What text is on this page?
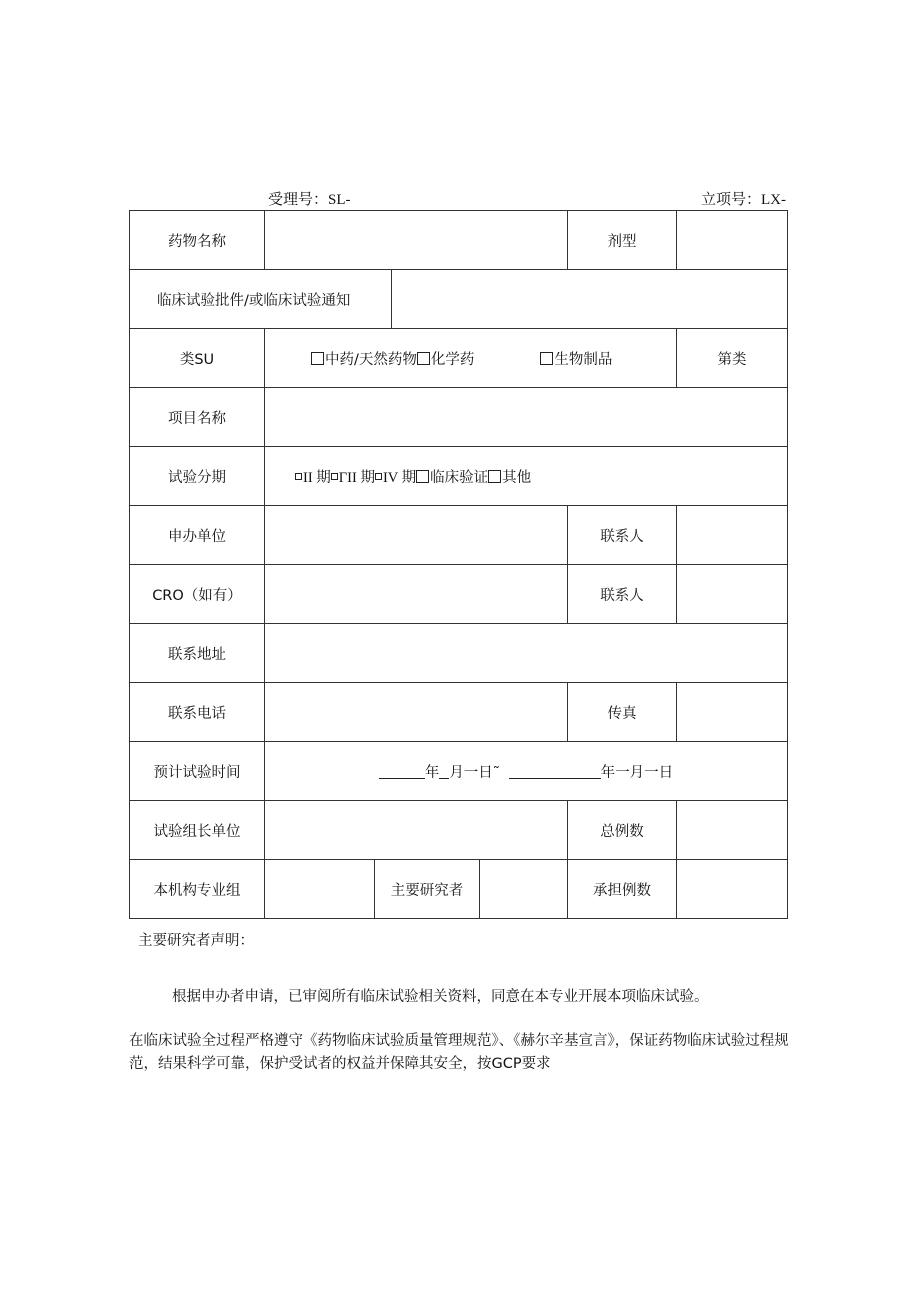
受理号：SL-	立项号：LX-
药物名称					剂型	
临床试验批件/或临床试验通知						
类SU	中药/天然药物 化学药 生物制品					第类
项目名称						
试验分期	II 期 ΓII 期 IV 期 临床验证 其他					
申办单位					联系人	
CRO（如有）					联系人	
联系地址						
联系电话					传真	
预计试验时间	年 月一日˜ 年一月一日					
试验组长单位					总例数	
本机构专业组		主要研究者			承担例数	
主要研究者声明：
根据申办者申请，已审阅所有临床试验相关资料，同意在本专业开展本项临床试验。
在临床试验全过程严格遵守《药物临床试验质量管理规范》、《赫尔辛基宣言》，保证药物临床试验过程规范，结果科学可靠，保护受试者的权益并保障其安全，按GCP要求
